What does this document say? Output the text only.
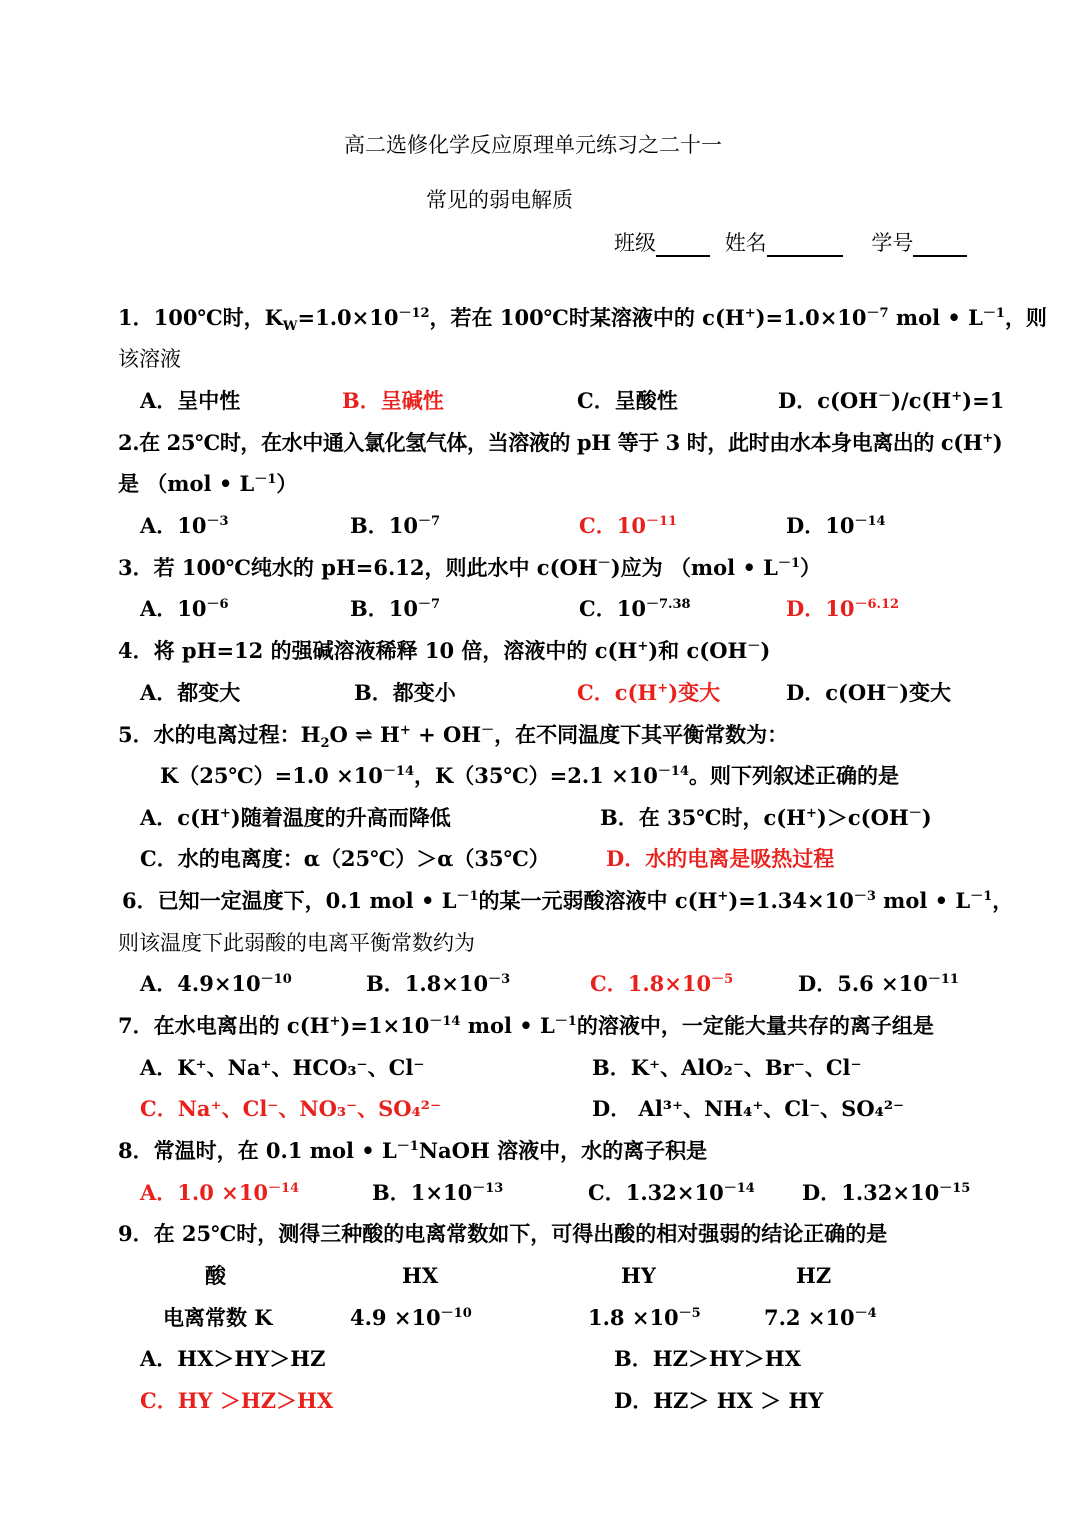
高二选修化学反应原理单元练习之二十一
常见的弱电解质
班级	姓名	学号
1．100℃时，$K_W=1.0\times 10^{-12}$，若在 100℃时某溶液中的 $c(H^+)=1.0\times 10^{-7}$ mol • $L^{-1}$，则
该溶液
A．呈中性	B．呈碱性	C．呈酸性	D．c(OH－)/c(H+)=1
2.在 25℃时，在水中通入氯化氢气体，当溶液的 pH 等于 3 时，此时由水本身电离出的 c(H+)
是 （mol • $L^{-1}$）
A．$10^{-3}$	B．$10^{-7}$	C．$10^{-11}$	D．$10^{-14}$
3．若 100℃纯水的 pH=6.12，则此水中 c(OH－)应为 （mol • $L^{-1}$）
A．$10^{-6}$	B．$10^{-7}$	C．$10^{-7.38}$	D．$10^{-6.12}$
4．将 pH=12 的强碱溶液稀释 10 倍，溶液中的 c(H+)和 c(OH－)
A．都变大	B．都变小	C．c(H+)变大	D．c(OH－)变大
5．水的电离过程：$H_2O$ ⇌ H+ + OH－，在不同温度下其平衡常数为：
K（25℃）=1.0 $\times 10^{-14}$，K（35℃）=2.1 $\times 10^{-14}$。则下列叙述正确的是
A．c(H+)随着温度的升高而降低	B．在 35℃时，c(H+)＞c(OH－)
C．水的电离度：α（25℃）＞α（35℃）	D．水的电离是吸热过程
6．已知一定温度下，0.1 mol • $L^{-1}$的某一元弱酸溶液中 $c(H^+)=1.34\times 10^{-3}$ mol • $L^{-1}$，
则该温度下此弱酸的电离平衡常数约为
A．$4.9\times 10^{-10}$	B．$1.8\times 10^{-3}$	C．$1.8\times 10^{-5}$	D．$5.6 \times 10^{-11}$
7．在水电离出的 $c(H^+)=1\times 10^{-14}$ mol • $L^{-1}$的溶液中，一定能大量共存的离子组是
A．K⁺、Na⁺、HCO₃⁻、Cl⁻	B．K⁺、AlO₂⁻、Br⁻、Cl⁻
C．Na⁺、Cl⁻、NO₃⁻、SO₄²⁻	D． Al³⁺、NH₄⁺、Cl⁻、SO₄²⁻
8．常温时，在 0.1 mol • $L^{-1}NaOH$ 溶液中，水的离子积是
A．$1.0 \times 10^{-14}$	B．$1\times 10^{-13}$	C．$1.32\times 10^{-14}$ D．$1.32\times 10^{-15}$
9．在 25℃时，测得三种酸的电离常数如下，可得出酸的相对强弱的结论正确的是
酸	HX	HY	HZ
电离常数 K	$4.9 \times 10^{-10}$	$1.8 \times 10^{-5}$	$7.2 \times 10^{-4}$
A．HX＞HY＞HZ	B．HZ＞HY＞HX
C．HY ＞HZ＞HX	D．HZ＞ HX ＞ HY
